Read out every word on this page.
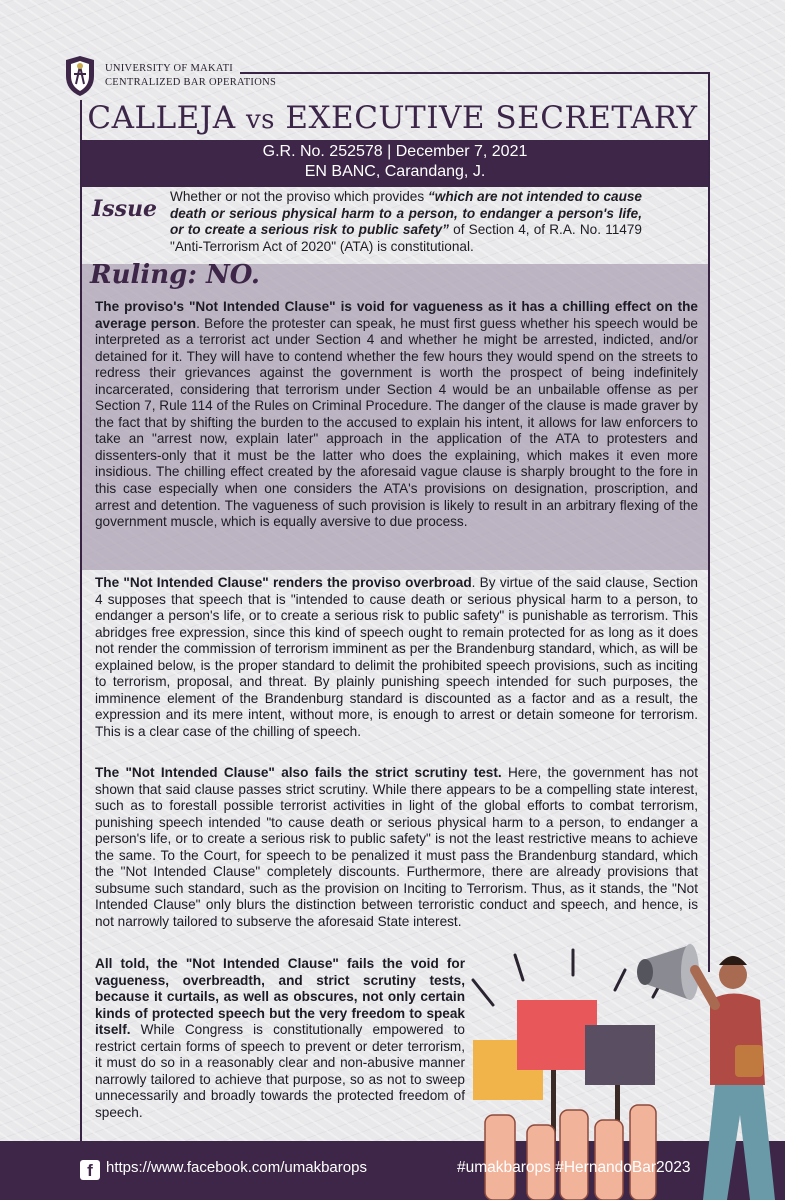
UNIVERSITY OF MAKATI
CENTRALIZED BAR OPERATIONS
CALLEJA vs EXECUTIVE SECRETARY
G.R. No. 252578 | December 7, 2021
EN BANC, Carandang, J.
Issue Whether or not the proviso which provides “which are not intended to cause death or serious physical harm to a person, to endanger a person's life, or to create a serious risk to public safety” of Section 4, of R.A. No. 11479 "Anti-Terrorism Act of 2020" (ATA) is constitutional.
Ruling: NO.
The proviso's "Not Intended Clause" is void for vagueness as it has a chilling effect on the average person. Before the protester can speak, he must first guess whether his speech would be interpreted as a terrorist act under Section 4 and whether he might be arrested, indicted, and/or detained for it. They will have to contend whether the few hours they would spend on the streets to redress their grievances against the government is worth the prospect of being indefinitely incarcerated, considering that terrorism under Section 4 would be an unbailable offense as per Section 7, Rule 114 of the Rules on Criminal Procedure. The danger of the clause is made graver by the fact that by shifting the burden to the accused to explain his intent, it allows for law enforcers to take an "arrest now, explain later" approach in the application of the ATA to protesters and dissenters-only that it must be the latter who does the explaining, which makes it even more insidious. The chilling effect created by the aforesaid vague clause is sharply brought to the fore in this case especially when one considers the ATA's provisions on designation, proscription, and arrest and detention. The vagueness of such provision is likely to result in an arbitrary flexing of the government muscle, which is equally aversive to due process.
The "Not Intended Clause" renders the proviso overbroad. By virtue of the said clause, Section 4 supposes that speech that is "intended to cause death or serious physical harm to a person, to endanger a person's life, or to create a serious risk to public safety" is punishable as terrorism. This abridges free expression, since this kind of speech ought to remain protected for as long as it does not render the commission of terrorism imminent as per the Brandenburg standard, which, as will be explained below, is the proper standard to delimit the prohibited speech provisions, such as inciting to terrorism, proposal, and threat. By plainly punishing speech intended for such purposes, the imminence element of the Brandenburg standard is discounted as a factor and as a result, the expression and its mere intent, without more, is enough to arrest or detain someone for terrorism. This is a clear case of the chilling of speech.
The "Not Intended Clause" also fails the strict scrutiny test. Here, the government has not shown that said clause passes strict scrutiny. While there appears to be a compelling state interest, such as to forestall possible terrorist activities in light of the global efforts to combat terrorism, punishing speech intended "to cause death or serious physical harm to a person, to endanger a person's life, or to create a serious risk to public safety" is not the least restrictive means to achieve the same. To the Court, for speech to be penalized it must pass the Brandenburg standard, which the "Not Intended Clause" completely discounts. Furthermore, there are already provisions that subsume such standard, such as the provision on Inciting to Terrorism. Thus, as it stands, the "Not Intended Clause" only blurs the distinction between terroristic conduct and speech, and hence, is not narrowly tailored to subserve the aforesaid State interest.
All told, the "Not Intended Clause" fails the void for vagueness, overbreadth, and strict scrutiny tests, because it curtails, as well as obscures, not only certain kinds of protected speech but the very freedom to speak itself. While Congress is constitutionally empowered to restrict certain forms of speech to prevent or deter terrorism, it must do so in a reasonably clear and non-abusive manner narrowly tailored to achieve that purpose, so as not to sweep unnecessarily and broadly towards the protected freedom of speech.
f https://www.facebook.com/umakbarops	#umakbarops #HernandoBar2023
